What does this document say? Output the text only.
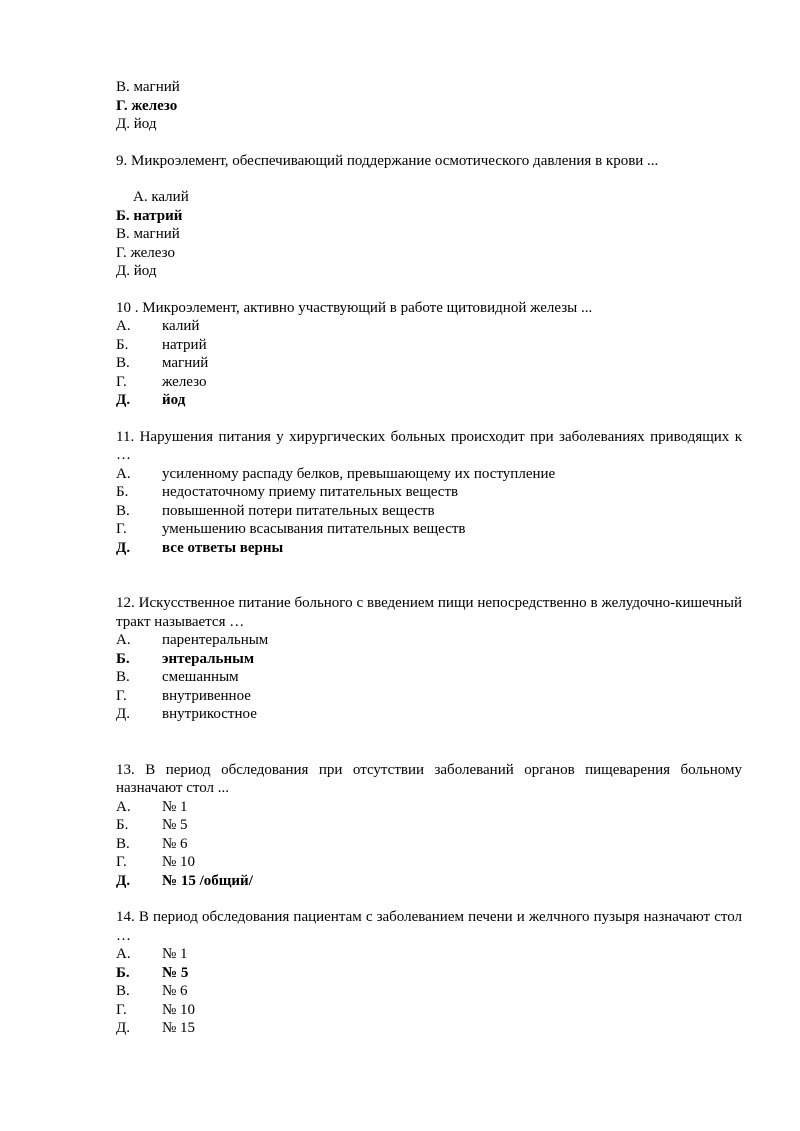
В. магний

Г. железо

Д. йод

9. Микроэлемент, обеспечивающий поддержание осмотического давления в крови ...

А. калий

Б. натрий

В. магний

Г. железо

Д. йод

10 . Микроэлемент, активно участвующий в работе щитовидной железы ...

А.	калий
Б.	натрий
В.	магний
Г.	железо
Д.	йод

11. Нарушения питания у хирургических больных происходит при заболеваниях приводящих к …

А.	усиленному распаду белков, превышающему их поступление
Б.	недостаточному приему питательных веществ
В.	повышенной потери питательных веществ
Г.	уменьшению всасывания питательных веществ
Д.	все ответы верны

12. Искусственное питание больного с введением пищи непосредственно в желудочно-кишечный тракт называется …

А.	парентеральным
Б.	энтеральным
В.	смешанным
Г.	внутривенное
Д.	внутрикостное

13. В период обследования при отсутствии заболеваний органов пищеварения больному назначают стол ...

А.	№ 1
Б.	№ 5
В.	№ 6
Г.	№ 10
Д.	№ 15 /общий/

14. В период обследования пациентам с заболеванием печени и желчного пузыря назначают стол …

А.	№ 1
Б.	№ 5
В.	№ 6
Г.	№ 10
Д.	№ 15
